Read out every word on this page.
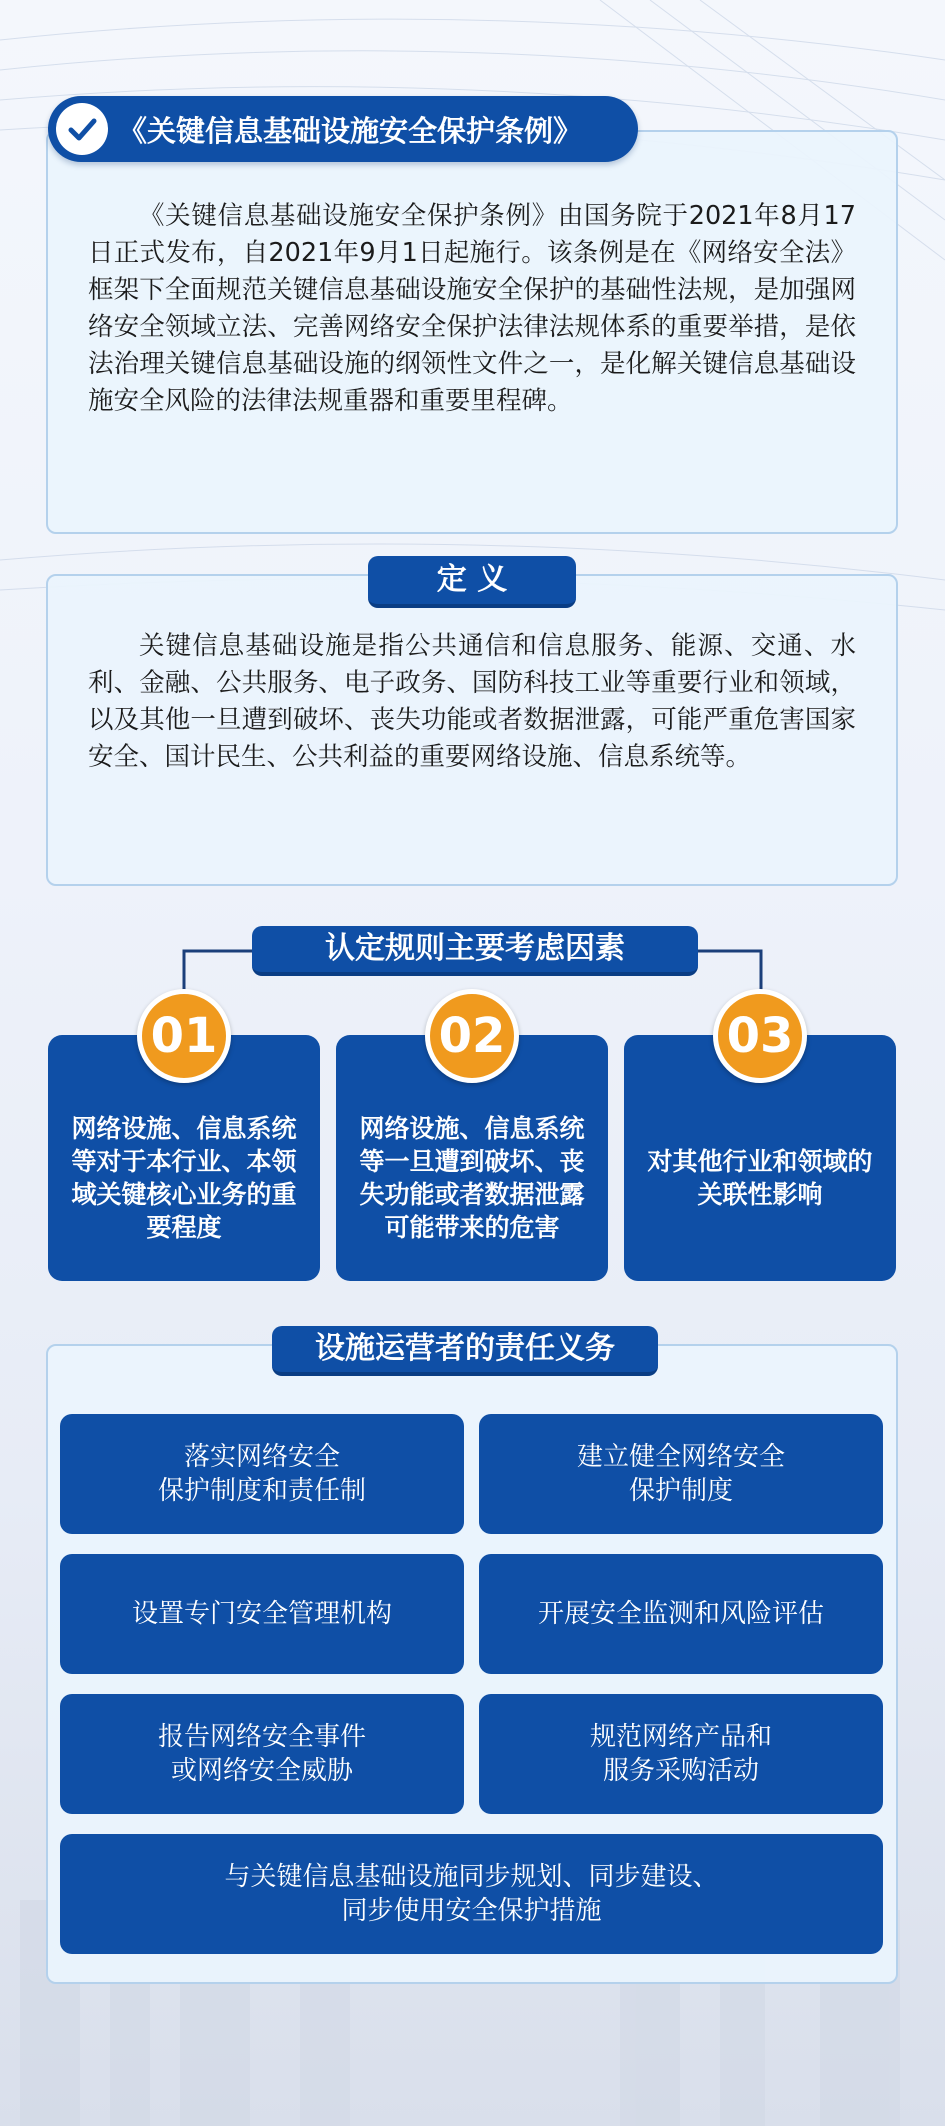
《关键信息基础设施安全保护条例》由国务院于2021年8月17日正式发布，自2021年9月1日起施行。该条例是在《网络安全法》框架下全面规范关键信息基础设施安全保护的基础性法规，是加强网络安全领域立法、完善网络安全保护法律法规体系的重要举措，是依法治理关键信息基础设施的纲领性文件之一，是化解关键信息基础设施安全风险的法律法规重器和重要里程碑。

《关键信息基础设施安全保护条例》

关键信息基础设施是指公共通信和信息服务、能源、交通、水利、金融、公共服务、电子政务、国防科技工业等重要行业和领域，以及其他一旦遭到破坏、丧失功能或者数据泄露，可能严重危害国家安全、国计民生、公共利益的重要网络设施、信息系统等。

定 义
认定规则主要考虑因素
网络设施、信息系统等对于本行业、本领域关键核心业务的重要程度
01
网络设施、信息系统等一旦遭到破坏、丧失功能或者数据泄露可能带来的危害
02
对其他行业和领域的关联性影响
03
设施运营者的责任义务
落实网络安全
保护制度和责任制
建立健全网络安全
保护制度
设置专门安全管理机构	开展安全监测和风险评估
报告网络安全事件
或网络安全威胁
规范网络产品和
服务采购活动
与关键信息基础设施同步规划、同步建设、
同步使用安全保护措施
